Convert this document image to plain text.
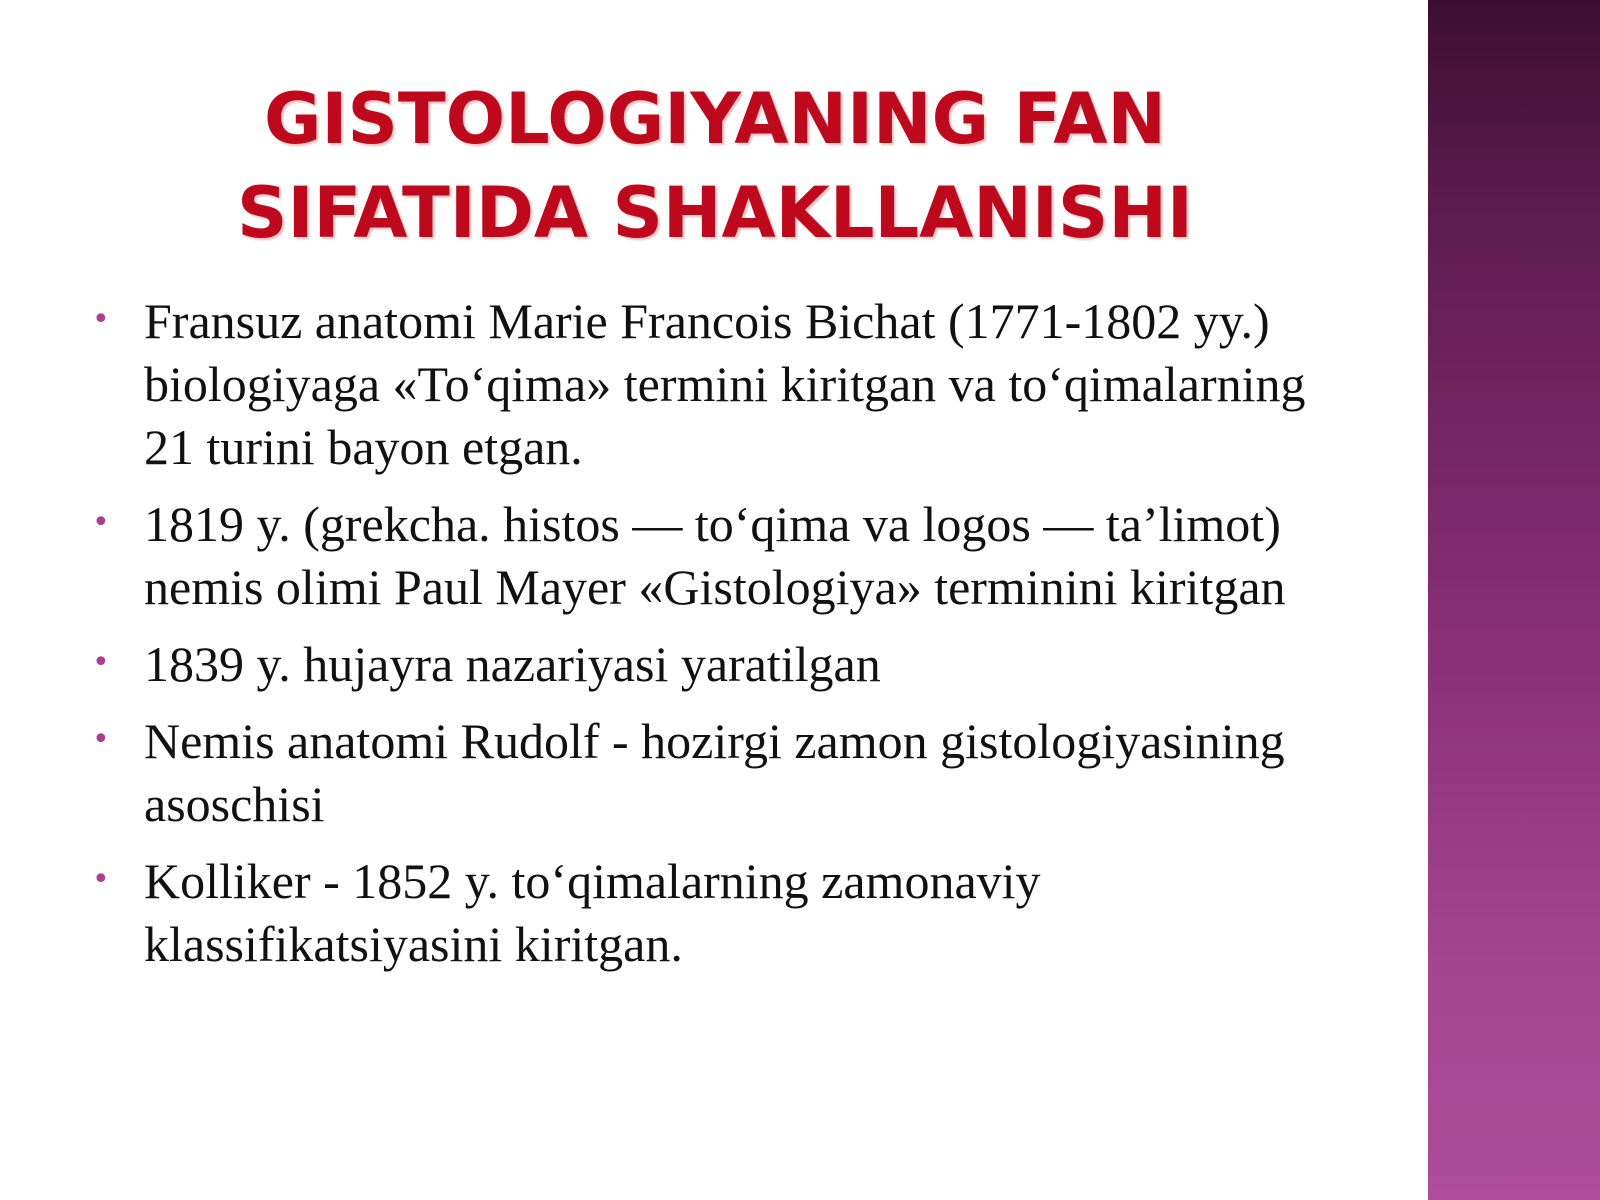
GISTOLOGIYANING FAN SIFATIDA SHAKLLANISHI
• Fransuz anatomi Marie Francois Bichat (1771-1802 yy.) biologiyaga «To‘qima» termini kiritgan va to‘qimalarning 21 turini bayon etgan.
• 1819 y. (grekcha. histos — to‘qima va logos — ta’limot) nemis olimi Paul Mayer «Gistologiya» terminini kiritgan
• 1839 y. hujayra nazariyasi yaratilgan
• Nemis anatomi Rudolf - hozirgi zamon gistologiyasining asoschisi
• Kolliker - 1852 y. to‘qimalarning zamonaviy klassifikatsiyasini kiritgan.
